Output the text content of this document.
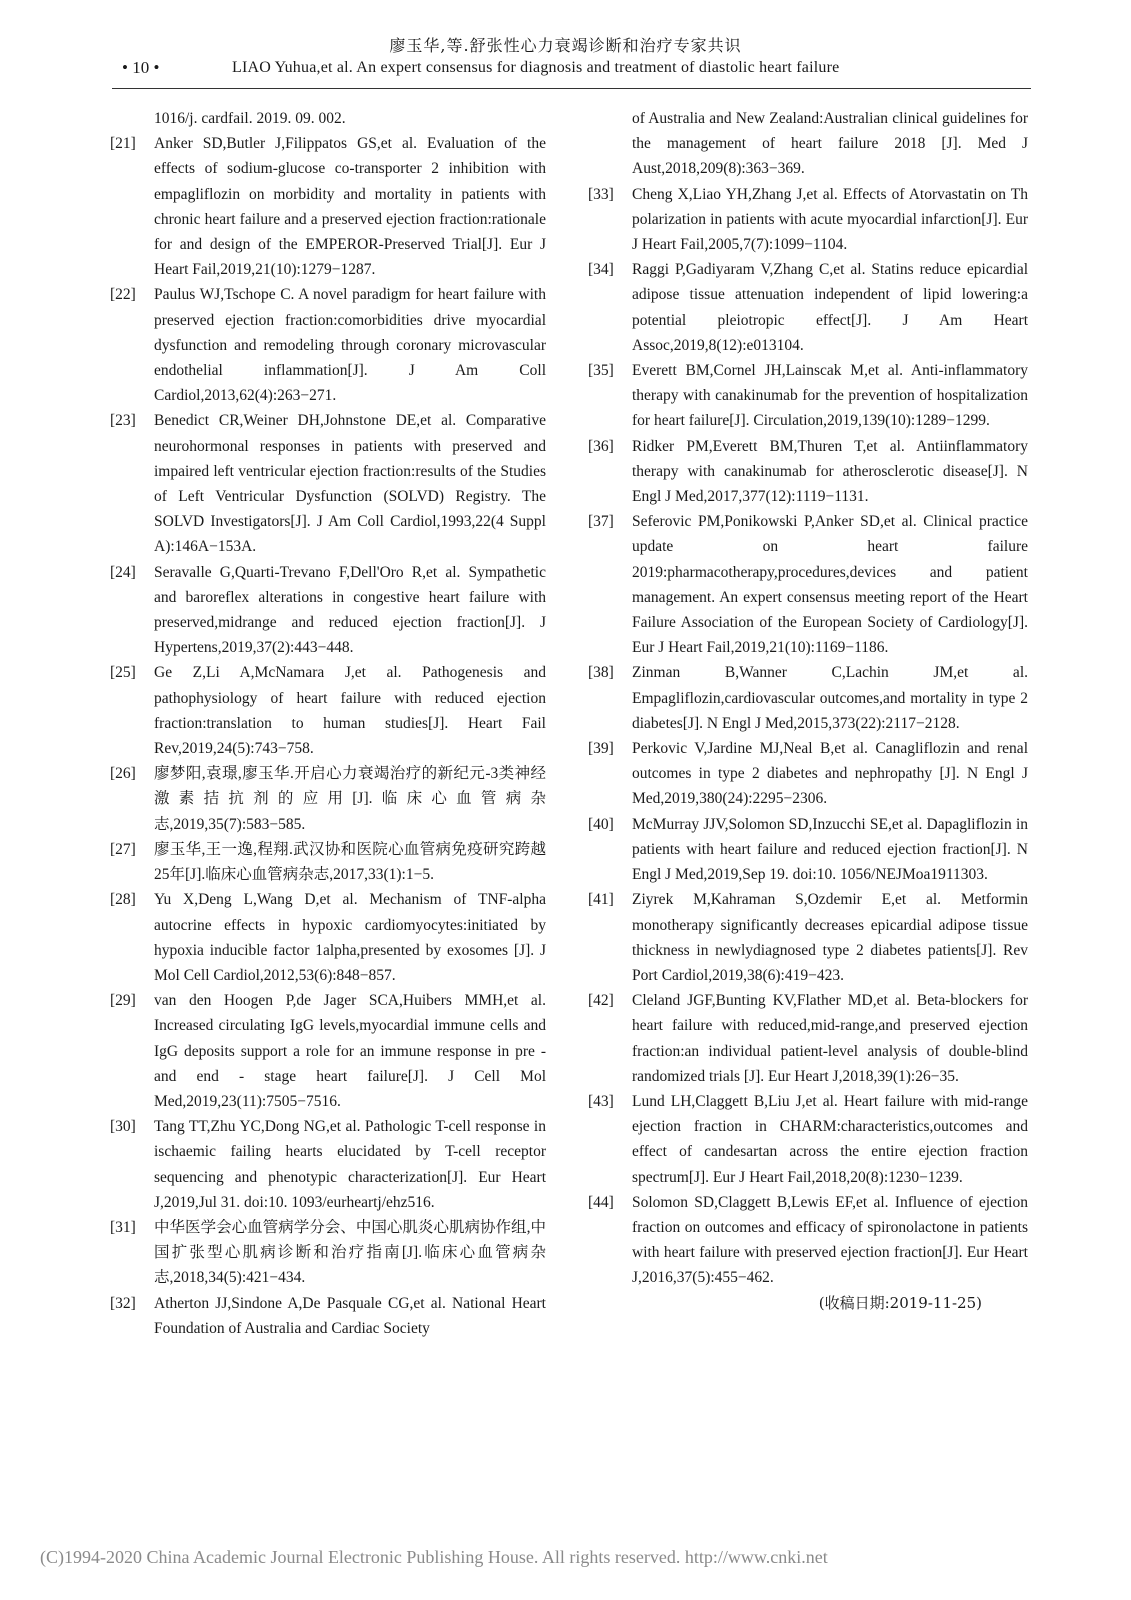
廖玉华,等.舒张性心力衰竭诊断和治疗专家共识
• 10 •	LIAO Yuhua,et al. An expert consensus for diagnosis and treatment of diastolic heart failure
1016/j. cardfail. 2019. 09. 002.
[21]	Anker SD,Butler J,Filippatos GS,et al. Evaluation of the effects of sodium-glucose co-transporter 2 inhibition with empagliflozin on morbidity and mortality in patients with chronic heart failure and a preserved ejection fraction:rationale for and design of the EMPEROR-Preserved Trial[J]. Eur J Heart Fail,2019,21(10):1279−1287.
[22]	Paulus WJ,Tschope C. A novel paradigm for heart failure with preserved ejection fraction:comorbidities drive myocardial dysfunction and remodeling through coronary microvascular endothelial inflammation[J]. J Am Coll Cardiol,2013,62(4):263−271.
[23]	Benedict CR,Weiner DH,Johnstone DE,et al. Comparative neurohormonal responses in patients with preserved and impaired left ventricular ejection fraction:results of the Studies of Left Ventricular Dysfunction (SOLVD) Registry. The SOLVD Investigators[J]. J Am Coll Cardiol,1993,22(4 Suppl A):146A−153A.
[24]	Seravalle G,Quarti-Trevano F,Dell'Oro R,et al. Sympathetic and baroreflex alterations in congestive heart failure with preserved,midrange and reduced ejection fraction[J]. J Hypertens,2019,37(2):443−448.
[25]	Ge Z,Li A,McNamara J,et al. Pathogenesis and pathophysiology of heart failure with reduced ejection fraction:translation to human studies[J]. Heart Fail Rev,2019,24(5):743−758.
[26]	廖梦阳,袁璟,廖玉华.开启心力衰竭治疗的新纪元-3类神经激素拮抗剂的应用[J].临床心血管病杂志,2019,35(7):583−585.
[27]	廖玉华,王一逸,程翔.武汉协和医院心血管病免疫研究跨越25年[J].临床心血管病杂志,2017,33(1):1−5.
[28]	Yu X,Deng L,Wang D,et al. Mechanism of TNF-alpha autocrine effects in hypoxic cardiomyocytes:initiated by hypoxia inducible factor 1alpha,presented by exosomes [J]. J Mol Cell Cardiol,2012,53(6):848−857.
[29]	van den Hoogen P,de Jager SCA,Huibers MMH,et al. Increased circulating IgG levels,myocardial immune cells and IgG deposits support a role for an immune response in pre - and end - stage heart failure[J]. J Cell Mol Med,2019,23(11):7505−7516.
[30]	Tang TT,Zhu YC,Dong NG,et al. Pathologic T-cell response in ischaemic failing hearts elucidated by T-cell receptor sequencing and phenotypic characterization[J]. Eur Heart J,2019,Jul 31. doi:10. 1093/eurheartj/ehz516.
[31]	中华医学会心血管病学分会、中国心肌炎心肌病协作组,中国扩张型心肌病诊断和治疗指南[J].临床心血管病杂志,2018,34(5):421−434.
[32]	Atherton JJ,Sindone A,De Pasquale CG,et al. National Heart Foundation of Australia and Cardiac Society
of Australia and New Zealand:Australian clinical guidelines for the management of heart failure 2018 [J]. Med J Aust,2018,209(8):363−369.
[33]	Cheng X,Liao YH,Zhang J,et al. Effects of Atorvastatin on Th polarization in patients with acute myocardial infarction[J]. Eur J Heart Fail,2005,7(7):1099−1104.
[34]	Raggi P,Gadiyaram V,Zhang C,et al. Statins reduce epicardial adipose tissue attenuation independent of lipid lowering:a potential pleiotropic effect[J]. J Am Heart Assoc,2019,8(12):e013104.
[35]	Everett BM,Cornel JH,Lainscak M,et al. Anti-inflammatory therapy with canakinumab for the prevention of hospitalization for heart failure[J]. Circulation,2019,139(10):1289−1299.
[36]	Ridker PM,Everett BM,Thuren T,et al. Antiinflammatory therapy with canakinumab for atherosclerotic disease[J]. N Engl J Med,2017,377(12):1119−1131.
[37]	Seferovic PM,Ponikowski P,Anker SD,et al. Clinical practice update on heart failure 2019:pharmacotherapy,procedures,devices and patient management. An expert consensus meeting report of the Heart Failure Association of the European Society of Cardiology[J]. Eur J Heart Fail,2019,21(10):1169−1186.
[38]	Zinman B,Wanner C,Lachin JM,et al. Empagliflozin,cardiovascular outcomes,and mortality in type 2 diabetes[J]. N Engl J Med,2015,373(22):2117−2128.
[39]	Perkovic V,Jardine MJ,Neal B,et al. Canagliflozin and renal outcomes in type 2 diabetes and nephropathy [J]. N Engl J Med,2019,380(24):2295−2306.
[40]	McMurray JJV,Solomon SD,Inzucchi SE,et al. Dapagliflozin in patients with heart failure and reduced ejection fraction[J]. N Engl J Med,2019,Sep 19. doi:10. 1056/NEJMoa1911303.
[41]	Ziyrek M,Kahraman S,Ozdemir E,et al. Metformin monotherapy significantly decreases epicardial adipose tissue thickness in newlydiagnosed type 2 diabetes patients[J]. Rev Port Cardiol,2019,38(6):419−423.
[42]	Cleland JGF,Bunting KV,Flather MD,et al. Beta-blockers for heart failure with reduced,mid-range,and preserved ejection fraction:an individual patient-level analysis of double-blind randomized trials [J]. Eur Heart J,2018,39(1):26−35.
[43]	Lund LH,Claggett B,Liu J,et al. Heart failure with mid-range ejection fraction in CHARM:characteristics,outcomes and effect of candesartan across the entire ejection fraction spectrum[J]. Eur J Heart Fail,2018,20(8):1230−1239.
[44]	Solomon SD,Claggett B,Lewis EF,et al. Influence of ejection fraction on outcomes and efficacy of spironolactone in patients with heart failure with preserved ejection fraction[J]. Eur Heart J,2016,37(5):455−462.
(收稿日期:2019-11-25)
(C)1994-2020 China Academic Journal Electronic Publishing House. All rights reserved. http://www.cnki.net
